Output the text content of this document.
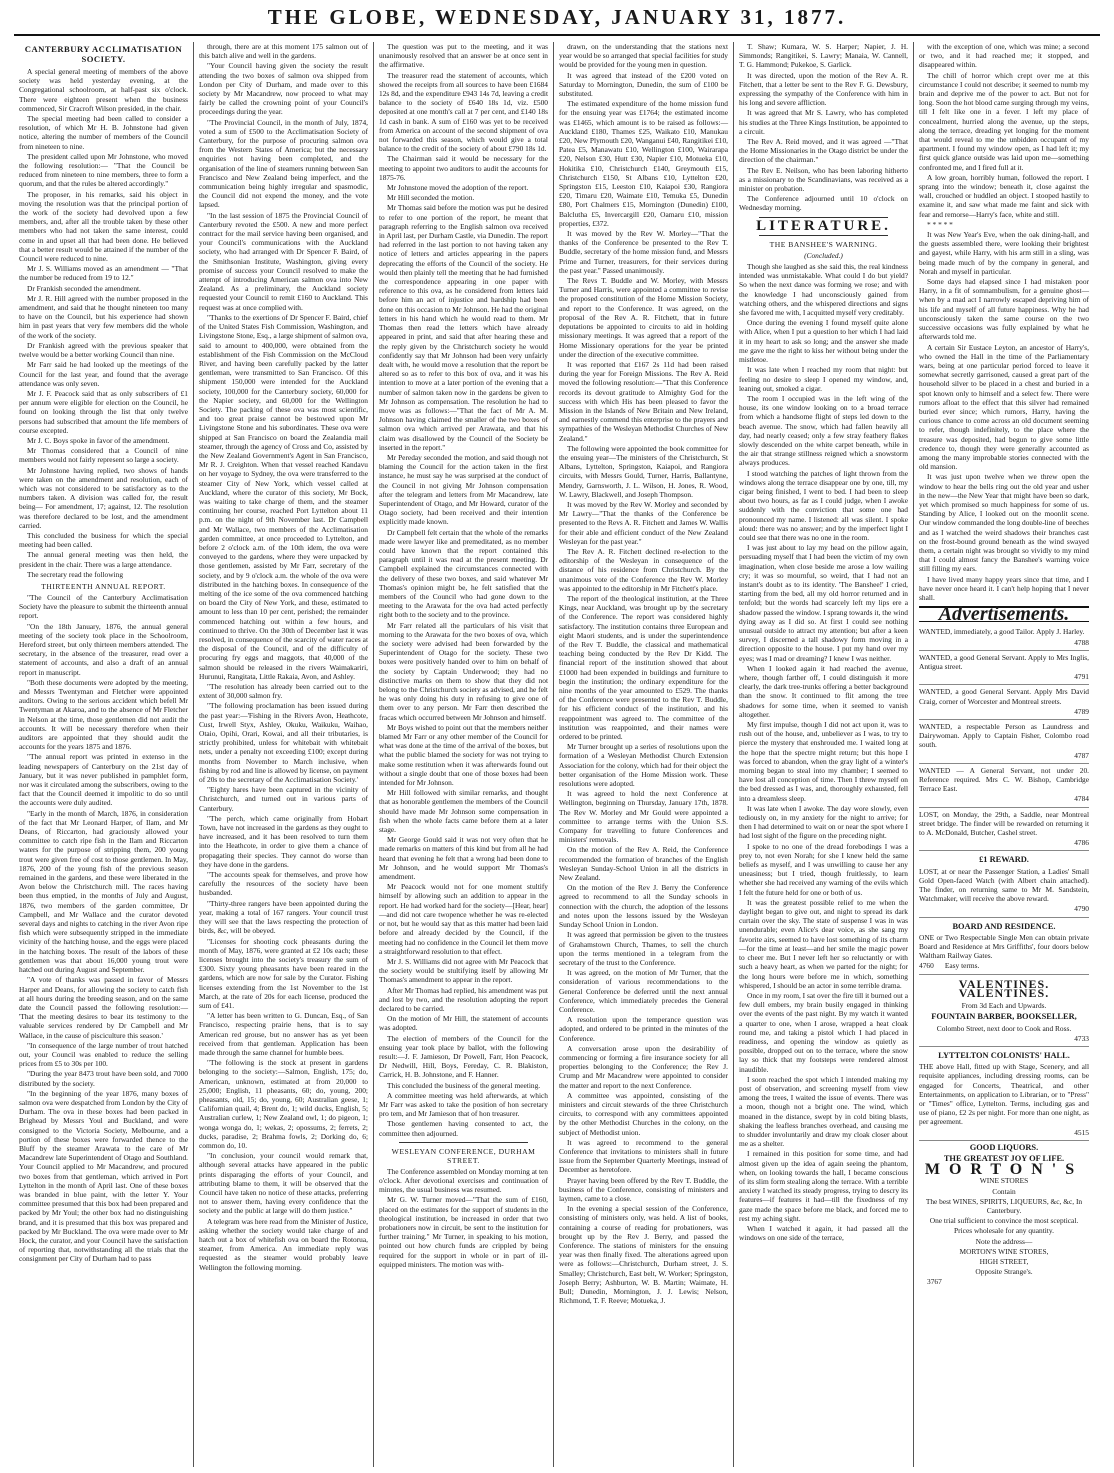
THE GLOBE, WEDNESDAY, JANUARY 31, 1877.
CANTERBURY ACCLIMATISATION SOCIETY.

A special general meeting of members of the above society was held yesterday evening, at the Congregational schoolroom, at half-past six o'clock. There were eighteen present when the business commenced, Sir Cracroft Wilson presided, in the chair.

The special meeting had been called to consider a resolution, of which Mr H. B. Johnstone had given notice, altering the number of members of the Council from nineteen to nine.

The president called upon Mr Johnstone, who moved the following resolution:— "That the Council be reduced from nineteen to nine members, three to form a quorum, and that the rules be altered accordingly."

The proposer, in his remarks, said his object in moving the resolution was that the principal portion of the work of the society had devolved upon a few members, and, after all the trouble taken by these other members who had not taken the same interest, could come in and upset all that had been done. He believed that a better result would be attained if the number of the Council were reduced to nine.

Mr J. S. Williams moved as an amendment — "That the number be reduced from 19 to 12."

Dr Frankish seconded the amendment.

Mr J. R. Hill agreed with the number proposed in the amendment, and said that he thought nineteen too many to have on the Council, but his experience had shown him in past years that very few members did the whole of the work of the society.

Dr Frankish agreed with the previous speaker that twelve would be a better working Council than nine.

Mr Farr said he had looked up the meetings of the Council for the last year, and found that the average attendance was only seven.

Mr J. F. Peacock said that as only subscribers of £1 per annum were eligible for election on the Council, he found on looking through the list that only twelve persons had subscribed that amount the life members of course excepted.

Mr J. C. Boys spoke in favor of the amendment.

Mr Thomas considered that a Council of nine members would not fairly represent so large a society.

Mr Johnstone having replied, two shows of hands were taken on the amendment and resolution, each of which was not considered to be satisfactory as to the numbers taken. A division was called for, the result being— For amendment, 17; against, 12. The resolution was therefore declared to be lost, and the amendment carried.

This concluded the business for which the special meeting had been called.

The annual general meeting was then held, the president in the chair. There was a large attendance.

The secretary read the following

THIRTEENTH ANNUAL REPORT.

"The Council of the Canterbury Acclimatisation Society have the pleasure to submit the thirteenth annual report.

"On the 18th January, 1876, the annual general meeting of the society took place in the Schoolroom, Hereford street, but only thirteen members attended. The secretary, in the absence of the treasurer, read over a statement of accounts, and also a draft of an annual report in manuscript.

"Both these documents were adopted by the meeting, and Messrs Twentyman and Fletcher were appointed auditors. Owing to the serious accident which befell Mr Twentyman at Akaroa, and to the absence of Mr Fletcher in Nelson at the time, those gentlemen did not audit the accounts. It will be necessary therefore when their auditors are appointed that they should audit the accounts for the years 1875 and 1876.

"The annual report was printed in extenso in the leading newspapers of Canterbury on the 21st day of January, but it was never published in pamphlet form, nor was it circulated among the subscribers, owing to the fact that the Council deemed it impolitic to do so until the accounts were duly audited.

"Early in the month of March, 1876, in consideration of the fact that Mr Leonard Harper, of Ilam, and Mr Deans, of Riccarton, had graciously allowed your committee to catch ripe fish in the Ilam and Riccarton waters for the purpose of stripping them, 200 young trout were given free of cost to those gentlemen. In May, 1876, 200 of the young fish of the previous season remained in the gardens, and these were liberated in the Avon below the Christchurch mill. The races having been thus emptied, in the months of July and August, 1876, two members of the garden committee, Dr Campbell, and Mr Wallace and the curator devoted several days and nights to catching in the river Avon ripe fish which were subsequently stripped in the immediate vicinity of the hatching house, and the eggs were placed in the hatching boxes. The result of the labors of these gentlemen was that about 16,000 young trout were hatched out during August and September.

"A vote of thanks was passed in favor of Messrs Harper and Deans, for allowing the society to catch fish at all hours during the breeding season, and on the same date the Council passed the following resolution:— 'That the meeting desires to bear its testimony to the valuable services rendered by Dr Campbell and Mr Wallace, in the cause of pisciculture this season.'

"In consequence of the large number of trout hatched out, your Council was enabled to reduce the selling prices from £5 to 30s per 100.

"During the year 8473 trout have been sold, and 7000 distributed by the society.

"In the beginning of the year 1876, many boxes of salmon ova were despatched from London by the City of Durham. The ova in these boxes had been packed in Brighead by Messrs Youl and Buckland, and were consigned to the Victoria Society, Melbourne, and a portion of these boxes were forwarded thence to the Bluff by the steamer Arawata to the care of Mr Macandrew late Superintendent of Otago and Southland. Your Council applied to Mr Macandrew, and procured two boxes from that gentleman, which arrived in Port Lyttelton in the month of April last. One of these boxes was branded in blue paint, with the letter Y. Your committee presumed that this box had been prepared and packed by Mr Youl; the other box had no distinguishing brand, and it is presumed that this box was prepared and packed by Mr Buckland. The ova were made over to Mr Hock, the curator, and your Council have the satisfaction of reporting that, notwithstanding all the trials that the consignment per City of Durham had to pass

through, there are at this moment 175 salmon out of this batch alive and well in the gardens.

"Your Council having given the society the result attending the two boxes of salmon ova shipped from London per City of Durham, and made over to this society by Mr Macandrew, now proceed to what may fairly be called the crowning point of your Council's proceedings during the year.

"The Provincial Council, in the month of July, 1874, voted a sum of £500 to the Acclimatisation Society of Canterbury, for the purpose of procuring salmon ova from the Western States of America; but the necessary enquiries not having been completed, and the organisation of the line of steamers running between San Francisco and New Zealand being imperfect, and the communication being highly irregular and spasmodic, the Council did not expend the money, and the vote lapsed.

"In the last session of 1875 the Provincial Council of Canterbury revoted the £500. A new and more perfect contract for the mail service having been organised, and your Council's communications with the Auckland society, who had arranged with Dr Spencer F. Baird, of the Smithsonian Institute, Washington, giving every promise of success your Council resolved to make the attempt of introducing American salmon ova into New Zealand. As a preliminary, the Auckland society requested your Council to remit £160 to Auckland. This request was at once complied with.

"Thanks to the exertions of Dr Spencer F. Baird, chief of the United States Fish Commission, Washington, and Livingstone Stone, Esq., a large shipment of salmon ova, said to amount to 400,000, were obtained from the establishment of the Fish Commission on the McCloud River, and having been carefully packed by the latter gentleman, were transmitted to San Francisco. Of this shipment 150,000 were intended for the Auckland society, 100,000 for the Canterbury society, 60,000 for the Napier society, and 60,000 for the Wellington Society. The packing of these ova was most scientific, and too great praise cannot be bestowed upon Mr Livingstone Stone and his subordinates. These ova were shipped at San Francisco on board the Zealandia mail steamer, through the agency of Cross and Co, assisted by the New Zealand Government's Agent in San Francisco, Mr R. J. Creighton. When that vessel reached Kandavu on her voyage to Sydney, the ova were transferred to the steamer City of New York, which vessel called at Auckland, where the curator of this society, Mr Bock, was waiting to take charge of them, and the steamer continuing her course, reached Port Lyttelton about 11 p.m. on the night of 9th November last. Dr Campbell and Mr Wallace, two members of the Acclimatisation garden committee, at once proceeded to Lyttelton, and before 2 o'clock a.m. of the 10th idem, the ova were conveyed to the gardens, where they were unpacked by those gentlemen, assisted by Mr Farr, secretary of the society, and by 9 o'clock a.m. the whole of the ova were distributed in the hatching boxes. In consequence of the melting of the ice some of the ova commenced hatching on board the City of New York, and these, estimated to amount to less than 10 per cent, perished; the remainder commenced hatching out within a few hours, and continued to thrive. On the 30th of December last it was resolved, in consequence of the scarcity of water races at the disposal of the Council, and of the difficulty of procuring fry eggs and maggots, that 40,000 of the salmon should be released in the rivers Waimakariri, Hurunui, Rangitata, Little Rakaia, Avon, and Ashley.

"The resolution has already been carried out to the extent of 30,000 salmon fry.

"The following proclamation has been issued during the past year:—'Fishing in the Rivers Avon, Heathcote, Cust, Irwell Styx, Ashley, Okuku, Waikuku, Waihao, Otaio, Opihi, Orari, Kowai, and all their tributaries, is strictly prohibited, unless for whitebait with whitebait nets, under a penalty not exceeding £100; except during months from November to March inclusive, when fishing by rod and line is allowed by license, on payment of 20s to the secretary of the Acclimatisation Society.'

"Eighty hares have been captured in the vicinity of Christchurch, and turned out in various parts of Canterbury.

"The perch, which came originally from Hobart Town, have not increased in the gardens as they ought to have increased, and it has been resolved to turn them into the Heathcote, in order to give them a chance of propagating their species. They cannot do worse than they have done in the gardens.

"The accounts speak for themselves, and prove how carefully the resources of the society have been husbanded.

"Thirty-three rangers have been appointed during the year, making a total of 167 rangers. Your council trust they will see that the laws respecting the protection of birds, &c, will be obeyed.

"Licenses for shooting cock pheasants during the month of May, 1876, were granted at £2 10s each; these licenses brought into the society's treasury the sum of £300. Sixty young pheasants have been reared in the gardens, which are now for sale by the Curator. Fishing licenses extending from the 1st November to the 1st March, at the rate of 20s for each license, produced the sum of £41.

"A letter has been written to G. Duncan, Esq., of San Francisco, respecting prairie hens, that is to say American red grouse, but no answer has as yet been received from that gentleman. Application has been made through the same channel for humble bees.

"The following is the stock at present in gardens belonging to the society:—Salmon, English, 175; do, American, unknown, estimated at from 20,000 to 25,000; English, 11 pheasants, 60; do, young, 200; pheasants, old, 15; do, young, 60; Australian geese, 1; Californian quail, 4; Brent do, 1; wild ducks, English, 5; Australian curlew, 1; New Zealand owl, 1; do pigeon, 1; wonga wonga do, 1; wekas, 2; opossums, 2; ferrets, 2; ducks, paradise, 2; Brahma fowls, 2; Dorking do, 6; common do, 10.

"In conclusion, your council would remark that, although several attacks have appeared in the public prints disparaging the efforts of your Council, and attributing blame to them, it will be observed that the Council have taken no notice of these attacks, preferring not to answer them, having every confidence that the society and the public at large will do them justice."

A telegram was here read from the Minister of Justice, asking whether the society would take charge of and hatch out a box of whitefish ova on board the Rotorua, steamer, from America. An immediate reply was requested as the steamer would probably leave Wellington the following morning.

The question was put to the meeting, and it was unanimously resolved that an answer be at once sent in the affirmative.

The treasurer read the statement of accounts, which showed the receipts from all sources to have been £1684 12s 8d, and the expenditure £943 14s 7d, leaving a credit balance to the society of £640 18s 1d, viz. £500 deposited at one month's call at 7 per cent, and £140 18s 1d cash in bank. A sum of £160 was yet to be received from America on account of the second shipment of ova not forwarded this season, which would give a total balance to the credit of the society of about £790 18s 1d.

The Chairman said it would be necessary for the meeting to appoint two auditors to audit the accounts for 1875-76.

Mr Johnstone moved the adoption of the report.

Mr Hill seconded the motion.

Mr Thomas said before the motion was put he desired to refer to one portion of the report, he meant that paragraph referring to the English salmon ova received in April last, per Durham Castle, via Dunedin. The report had referred in the last portion to not having taken any notice of letters and articles appearing in the papers deprecating the efforts of the Council of the society. He would then plainly tell the meeting that he had furnished the correspondence appearing in one paper with reference to this ova, as he considered from letters laid before him an act of injustice and hardship had been done on this occasion to Mr Johnson. He had the original letters in his hand which he would read to them. Mr Thomas then read the letters which have already appeared in print, and said that after hearing these and the reply given by the Christchurch society he would confidently say that Mr Johnson had been very unfairly dealt with, he would move a resolution that the report be altered so as to refer to this box of ova, and it was his intention to move at a later portion of the evening that a number of salmon taken now in the gardens be given to Mr Johnson as compensation. The resolution he had to move was as follows:—"That the fact of Mr A. M. Johnson having claimed the smaller of the two boxes of salmon ova which arrived per Arawata, and that his claim was disallowed by the Council of the Society be inserted in the report."

Mr Pereday seconded the motion, and said though not blaming the Council for the action taken in the first instance, he must say he was surprised at the conduct of the Council in not giving Mr Johnson compensation after the telegram and letters from Mr Macandrew, late Superintendent of Otago, and Mr Howard, curator of the Otago society, had been received and their intention explicitly made known.

Dr Campbell felt certain that the whole of the remarks made were lawyer like and premeditated, as no member could have known that the report contained this paragraph until it was read at the present meeting. Dr Campbell explained the circumstances connected with the delivery of these two boxes, and said whatever Mr Thomas's opinion might be, he felt satisfied that the members of the Council who had gone down to the meeting to the Arawata for the ova had acted perfectly right both to the society and to the province.

Mr Farr related all the particulars of his visit that morning to the Arawata for the two boxes of ova, which the society were advised had been forwarded by the Superintendent of Otago for the society. These two boxes were positively handed over to him on behalf of the society by Captain Underwood; they had no distinctive marks on them to show that they did not belong to the Christchurch society as advised, and he felt he was only doing his duty in refusing to give one of them over to any person. Mr Farr then described the fracas which occurred between Mr Johnson and himself.

Mr Boys wished to point out that the members neither blamed Mr Farr or any other member of the Council for what was done at the time of the arrival of the boxes, but what the public blamed the society for was not trying to make some restitution when it was afterwards found out without a single doubt that one of those boxes had been intended for Mr Johnson.

Mr Hill followed with similar remarks, and thought that as honorable gentlemen the members of the Council should have made Mr Johnson some compensation in fish when the whole facts came before them at a later stage.

Mr George Gould said it was not very often that he made remarks on matters of this kind but from all he had heard that evening he felt that a wrong had been done to Mr Johnson, and he would support Mr Thomas's amendment.

Mr Peacock would not for one moment stultify himself by allowing such an addition to appear in the report. He had worked hard for the society—[Hear, hear]—and did not care twopence whether he was re-elected or not, but he would say that as this matter had been laid before and already decided by the Council, if the meeting had no confidence in the Council let them move a straightforward resolution to that effect.

Mr J. S. Williams did not agree with Mr Peacock that the society would be stultifying itself by allowing Mr Thomas's amendment to appear in the report.

After Mr Thomas had replied, his amendment was put and lost by two, and the resolution adopting the report declared to be carried.

On the motion of Mr Hill, the statement of accounts was adopted.

The election of members of the Council for the ensuing year took place by ballot, with the following result:—J. F. Jamieson, Dr Powell, Farr, Hon Peacock, Dr Nedwill, Hill, Boys, Fereday, C. R. Blakiston, Carrick, H. B. Johnstone, and F. Hanner.

This concluded the business of the general meeting.

A committee meeting was held afterwards, at which Mr Farr was asked to take the position of hon secretary pro tem, and Mr Jamieson that of hon treasurer.

Those gentlemen having consented to act, the committee then adjourned.

WESLEYAN CONFERENCE, DURHAM STREET.

The Conference assembled on Monday morning at ten o'clock. After devotional exercises and continuation of minutes, the usual business was resumed.

Mr G. W. Turner moved—"That the sum of £160, placed on the estimates for the support of students in the theological institution, be increased in order that two probationers now in circuit, be sent to the institution for further training." Mr Turner, in speaking to his motion, pointed out how church funds are crippled by being required for the support in whole or in part of ill-equipped ministers. The motion was with-

drawn, on the understanding that the stations next year would be so arranged that special facilities for study would be provided for the young men in question.

It was agreed that instead of the £200 voted on Saturday to Mornington, Dunedin, the sum of £100 be substituted.

The estimated expenditure of the home mission fund for the ensuing year was £1764; the estimated income was £1465, which amount is to be raised as follows:—Auckland £180, Thames £25, Waikato £10, Manukau £20, New Plymouth £20, Wanganui £40, Rangitikei £10, Patea £5, Manawatu £10, Wellington £100, Wairarapa £20, Nelson £30, Hutt £30, Napier £10, Motueka £10, Hokitika £10, Christchurch £140, Greymouth £15, Christchurch £150, St Albans £10, Lyttelton £20, Springston £15, Leeston £10, Kaiapoi £30, Rangiora £20, Timaru £20, Waimate £10, Temuka £5, Dunedin £80, Port Chalmers £15, Mornington (Dunedin) £100, Balclutha £5, Invercargill £20, Oamaru £10, mission properties, £372.

It was moved by the Rev W. Morley—"That the thanks of the Conference be presented to the Rev T. Buddle, secretary of the home mission fund, and Messrs Prime and Turner, treasurers, for their services during the past year." Passed unanimously.

The Revs T. Buddle and W. Morley, with Messrs Turner and Harris, were appointed a committee to revise the proposed constitution of the Home Mission Society, and report to the Conference. It was agreed, on the proposal of the Rev A. R. Fitchett, that in future deputations be appointed to circuits to aid in holding missionary meetings. It was agreed that a report of the Home Missionary operations for the year be printed under the direction of the executive committee.

It was reported that £167 2s 11d had been raised during the year for Foreign Missions. The Rev A. Reid moved the following resolution:—"That this Conference records its devout gratitude to Almighty God for the success with which His has been pleased to favor the Mission in the Islands of New Britain and New Ireland, and earnestly commend this enterprise to the prayers and sympathies of the Wesleyan Methodist Churches of New Zealand."

The following were appointed the book committee for the ensuing year—The ministers of the Christchurch, St Albans, Lyttelton, Springston, Kaiapoi, and Rangiora circuits, with Messrs Gould, Turner, Harris, Ballantyne, Mendry, Garnsworth, J. L. Wilson, H. Jones, R. Wood, W. Lawry, Blackwell, and Joseph Thompson.

It was moved by the Rev W. Morley and seconded by Mr Lawry—"That the thanks of the Conference be presented to the Revs A. R. Fitchett and James W. Wallis for their able and efficient conduct of the New Zealand Wesleyan for the past year."

The Rev A. R. Fitchett declined re-election to the editorship of the Wesleyan in consequence of the distance of his residence from Christchurch. By the unanimous vote of the Conference the Rev W. Morley was appointed to the editorship in Mr Fitchett's place.

The report of the theological institution, at the Three Kings, near Auckland, was brought up by the secretary of the Conference. The report was considered highly satisfactory. The institution contains three European and eight Maori students, and is under the superintendence of the Rev T. Buddle, the classical and mathematical teaching being conducted by the Rev Dr Kidd. The financial report of the institution showed that about £1000 had been expended in buildings and furniture to begin the institution; the ordinary expenditure for the nine months of the year amounted to £529. The thanks of the Conference were presented to the Rev T. Buddle, for his efficient conduct of the institution, and his reappointment was agreed to. The committee of the institution was reappointed, and their names were ordered to be printed.

Mr Turner brought up a series of resolutions upon the formation of a Wesleyan Methodist Church Extension Association for the colony, which had for their object the better organisation of the Home Mission work. These resolutions were adopted.

It was agreed to hold the next Conference at Wellington, beginning on Thursday, January 17th, 1878. The Rev W. Morley and Mr Gould were appointed a committee to arrange terms with the Union S.S. Company for travelling to future Conferences and ministers' removals.

On the motion of the Rev A. Reid, the Conference recommended the formation of branches of the English Wesleyan Sunday-School Union in all the districts in New Zealand.

On the motion of the Rev J. Berry the Conference agreed to recommend to all the Sunday schools in connection with the church, the adoption of the lessons and notes upon the lessons issued by the Wesleyan Sunday School Union in London.

It was agreed that permission be given to the trustees of Grahamstown Church, Thames, to sell the church upon the terms mentioned in a telegram from the secretary of the trust to the Conference.

It was agreed, on the motion of Mr Turner, that the consideration of various recommendations to the General Conference be deferred until the next annual Conference, which immediately precedes the General Conference.

A resolution upon the temperance question was adopted, and ordered to be printed in the minutes of the Conference.

A conversation arose upon the desirability of commencing or forming a fire insurance society for all properties belonging to the Conference; the Rev J. Crump and Mr Macandrew were appointed to consider the matter and report to the next Conference.

A committee was appointed, consisting of the ministers and circuit stewards of the three Christchurch circuits, to correspond with any committees appointed by the other Methodist Churches in the colony, on the subject of Methodist union.

It was agreed to recommend to the general Conference that invitations to ministers shall in future issue from the September Quarterly Meetings, instead of December as heretofore.

Prayer having been offered by the Rev T. Buddle, the business of the Conference, consisting of ministers and laymen, came to a close.

In the evening a special session of the Conference, consisting of ministers only, was held. A list of books, containing a course of reading for probationers, was brought up by the Rev J. Berry, and passed the Conference. The stations of ministers for the ensuing year was then finally fixed. The alterations agreed upon were as follows:—Christchurch, Durham street, J. S. Smalley; Christchurch, East belt, W. Worker; Springston, Joseph Berry; Ashburton, W. B. Martin; Waimate, H. Bull; Dunedin, Mornington, J. J. Lewis; Nelson, Richmond, T. F. Reeve; Motueka, J.

T. Shaw; Kumara, W. S. Harper; Napier, J. H. Simmonds; Rangitikei, S. Lawry; Manaia, W. Cannell, T. G. Hammond; Pukekoe, S. Garlick.

It was directed, upon the motion of the Rev A. R. Fitchett, that a letter be sent to the Rev F. G. Dewsbury, expressing the sympathy of the Conference with him in his long and severe affliction.

It was agreed that Mr S. Lawry, who has completed his studies at the Three Kings Institution, be appointed to a circuit.

The Rev A. Reid moved, and it was agreed —"That the Home Missionaries in the Otago district be under the direction of the chairman."

The Rev E. Neilson, who has been laboring hitherto as a missionary to the Scandinavians, was received as a minister on probation.

The Conference adjourned until 10 o'clock on Wednesday morning.

LITERATURE.
THE BANSHEE'S WARNING.
(Concluded.)

Though she laughed as she said this, the real kindness intended was unmistakable. What could I do but yield? So when the next dance was forming we rose; and with the knowledge I had unconsciously gained from watching others, and the whispered directions and signs she favored me with, I acquitted myself very creditably.

Once during the evening I found myself quite alone with Alice, when I put a question to her which I had laid it in my heart to ask so long; and the answer she made me gave me the right to kiss her without being under the mistletoe.

It was late when I reached my room that night: but feeling no desire to sleep I opened my window, and, leaning out, smoked a cigar.

The room I occupied was in the left wing of the house, its one window looking on to a broad terrace from which a handsome flight of steps led down to the beach avenue. The snow, which had fallen heavily all day, had nearly ceased; only a few stray feathery flakes slowly descended on the white carpet beneath, while in the air that strange stillness reigned which a snowstorm always produces.

I stood watching the patches of light thrown from the windows along the terrace disappear one by one, till, my cigar being finished, I went to bed. I had been to sleep about two hours, as far as I could judge, when I awoke suddenly with the conviction that some one had pronounced my name. I listened: all was silent. I spoke aloud: there was no answer; and by the imperfect light I could see that there was no one in the room.

I was just about to lay my head on the pillow again, persuading myself that I had been the victim of my own imagination, when close beside me arose a low wailing cry; it was so mournful, so weird, that I had not an instant's doubt as to its identity. 'The Banshee!' I cried, starting from the bed, all my old horror returned and in tenfold; but the words had scarcely left my lips ere a shadow passed the window. I sprang towards it, the wind dying away as I did so. At first I could see nothing unusual outside to attract my attention; but after a keen survey, I discerned a tall shadowy form moving in a direction opposite to the house. I put my hand over my eyes; was I mad or dreaming? I knew I was neither.

When I looked again it had reached the avenue, where, though farther off, I could distinguish it more clearly, the dark tree-trunks offering a better background than the snow. It continued to flit among the tree shadows for some time, when it seemed to vanish altogether.

My first impulse, though I did not act upon it, was to rush out of the house, and, unbeliever as I was, to try to pierce the mystery that enshrouded me. I waited long at the hope that the spectre might return; but this hope I was forced to abandon, when the gray light of a winter's morning began to steal into my chamber; I seemed to have lost all conception of time. Then I threw myself on the bed dressed as I was, and, thoroughly exhausted, fell into a dreamless sleep.

It was late when I awoke. The day wore slowly, even tediously on, in my anxiety for the night to arrive; for then I had determined to wait on or near the spot where I had lost sight of the figure on the preceding night.

I spoke to no one of the dread forebodings I was a prey to, not even Norah; for she I knew held the same beliefs as myself, and I was unwilling to cause her any uneasiness; but I tried, though fruitlessly, to learn whether she had received any warning of the evils which I felt the future held for one or both of us.

It was the greatest possible relief to me when the daylight began to give out, and night to spread its dark curtain over the sky. The state of suspense I was in was unendurable; even Alice's dear voice, as she sang my favorite airs, seemed to have lost something of its charm—for the time at least—and her smile the magic power to cheer me. But I never left her so reluctantly or with such a heavy heart, as when we parted for the night; for the long hours were before me in which, something whispered, I should be an actor in some terrible drama.

Once in my room, I sat over the fire till it burned out a few dull embers, my brain busily engaged in thinking over the events of the past night. By my watch it wanted a quarter to one, when I arose, wrapped a heat cloak round me, and taking a pistol which I had placed in readiness, and opening the window as quietly as possible, dropped out on to the terrace, where the snow lay so thick that my footsteps were rendered almost inaudible.

I soon reached the spot which I intended making my post of observation, and screening myself from view among the trees, I waited the issue of events. There was a moon, though not a bright one. The wind, which moaned in the distance, swept by in cold biting blasts, shaking the leafless branches overhead, and causing me to shudder involuntarily and draw my cloak closer about me as a shelter.

I remained in this position for some time, and had almost given up the idea of again seeing the phantom, when, on looking towards the hall, I became conscious of its slim form stealing along the terrace. With a terrible anxiety I watched its steady progress, trying to descry its features—if features it had—till the fixedness of my gaze made the space before me black, and forced me to rest my aching sight.

When I watched it again, it had passed all the windows on one side of the terrace,

with the exception of one, which was mine; a second or two, and it had reached me; it stopped, and disappeared within.

The chill of horror which crept over me at this circumstance I could not describe; it seemed to numb my brain and deprive me of the power to act. But not for long. Soon the hot blood came surging through my veins, till I felt like one in a fever. I left my place of concealment, hurried along the avenue, up the steps, along the terrace, dreading yet longing for the moment that would reveal to me the unbidden occupant of my apartment. I found my window open, as I had left it; my first quick glance outside was laid upon me—something confronted me, and I fired full at it.

A low groan, horribly human, followed the report. I sprang into the window; beneath it, close against the wall, crouched or huddled an object. I stooped hastily to examine it, and saw what made me faint and sick with fear and remorse—Harry's face, white and still.

* * * * *

It was New Year's Eve, when the oak dining-hall, and the guests assembled there, were looking their brightest and gayest, while Harry, with his arm still in a sling, was being made much of by the company in general, and Norah and myself in particular.

Some days had elapsed since I had mistaken poor Harry, in a fit of somnambulism, for a genuine ghost—when by a mad act I narrowly escaped depriving him of his life and myself of all future happiness. Why he had unconsciously taken the same course on the two successive occasions was fully explained by what he afterwards told me.

A certain Sir Eustace Leyton, an ancestor of Harry's, who owned the Hall in the time of the Parliamentary wars, being at one particular period forced to leave it somewhat secretly garrisoned, caused a great part of the household silver to be placed in a chest and buried in a spot known only to himself and a select few. There were rumors afloat to the effect that this silver had remained buried ever since; which rumors, Harry, having the curious chance to come across an old document seeming to refer, though indefinitely, to the place where the treasure was deposited, had begun to give some little credence to, though they were generally accounted as among the many improbable stories connected with the old mansion.

It was just upon twelve when we threw open the window to hear the bells ring out the old year and usher in the new—the New Year that might have been so dark, yet which promised so much happiness for some of us. Standing by Alice, I looked out on the moonlit scene. Our window commanded the long double-line of beeches and as I watched the weird shadows their branches cast on the frost-bound ground beneath as the wind swayed them, a certain night was brought so vividly to my mind that I could almost fancy the Banshee's warning voice still filling my ears.

I have lived many happy years since that time, and I have never once heard it. I can't help hoping that I never shall.

Advertisements.

WANTED, immediately, a good Tailor. Apply J. Harley.

4788

WANTED, a good General Servant. Apply to Mrs Inglis, Antigua street.

4791

WANTED, a good General Servant. Apply Mrs David Craig, corner of Worcester and Montreal streets.

4789

WANTED, a respectable Person as Laundress and Dairywoman. Apply to Captain Fisher, Colombo road south.

4787

WANTED — A General Servant, not under 20. Reference required. Mrs C. W. Bishop, Cambridge Terrace East.

4784

LOST, on Monday, the 29th, a Saddle, near Montreal street bridge. The finder will be rewarded on returning it to A. McDonald, Butcher, Cashel street.

4786

£1 REWARD.

LOST, at or near the Passenger Station, a Ladies' Small Gold Open-faced Watch (with Albert chain attached). The finder, on returning same to Mr M. Sandstein, Watchmaker, will receive the above reward.

4790

BOARD AND RESIDENCE.

ONE or Two Respectable Single Men can obtain private Board and Residence at Mrs Griffiths', four doors below Waltham Railway Gates.

4760 Easy terms.

VALENTINES. VALENTINES.

From 3d Each and Upwards.

FOUNTAIN BARBER, BOOKSELLER,

Colombo Street, next door to Cook and Ross.

4733

LYTTELTON COLONISTS' HALL.

THE above Hall, fitted up with Stage, Scenery, and all requisite appliances, including dressing rooms, can be engaged for Concerts, Theatrical, and other Entertainments, on application to Librarian, or to "Press" or "Times" office, Lyttelton. Terms, including gas and use of piano, £2 2s per night. For more than one night, as per agreement.

4515

GOOD LIQUORS.
THE GREATEST JOY OF LIFE.
MORTON'S

WINE STORES

Contain

The best WINES, SPIRITS, LIQUEURS, &c, &c, In Canterbury.

One trial sufficient to convince the most sceptical.

Prices wholesale for any quantity.

Note the address—

MORTON'S WINE STORES,

HIGH STREET,

Opposite Strange's.

3767
